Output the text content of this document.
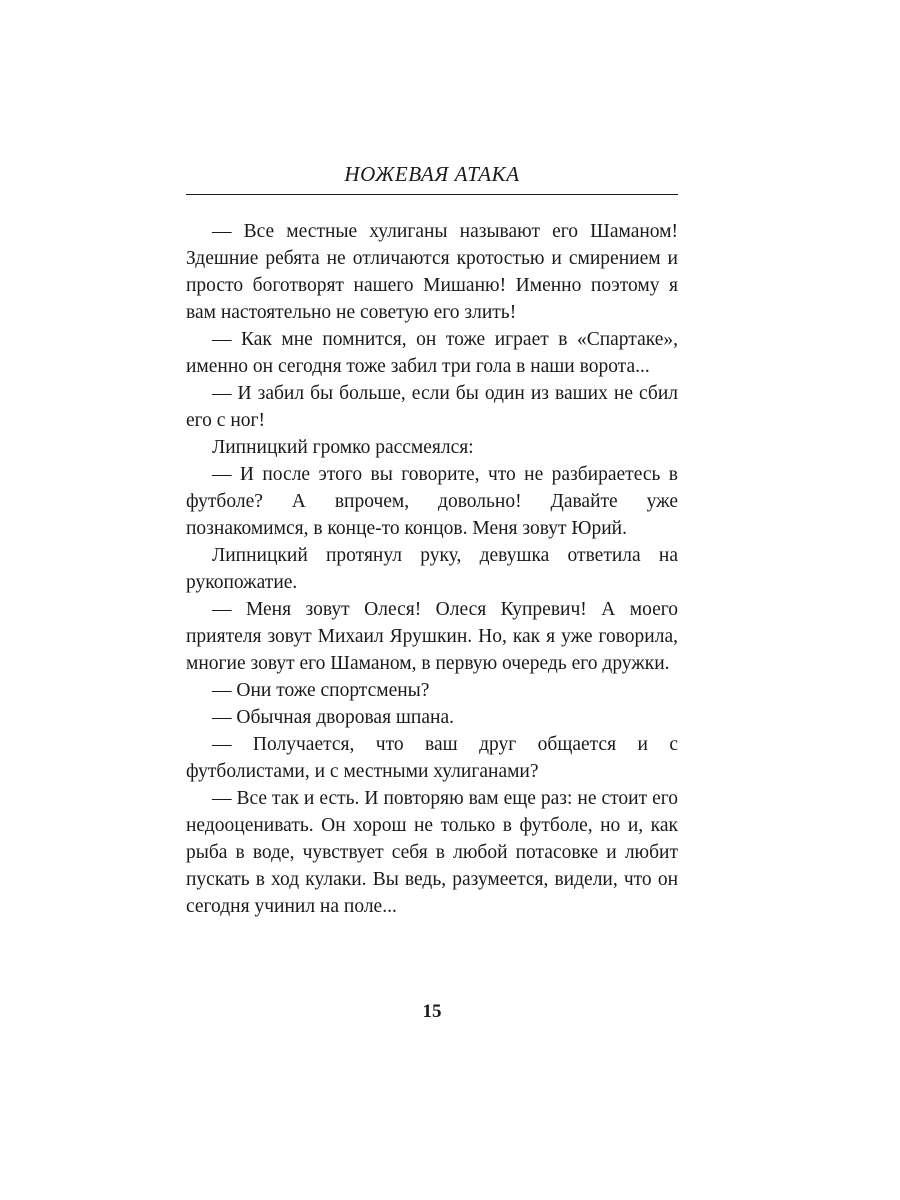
НОЖЕВАЯ АТАКА

— Все местные хулиганы называют его Шаманом! Здешние ребята не отличаются кротостью и смирением и просто боготворят нашего Мишаню! Именно поэтому я вам настоятельно не советую его злить!

— Как мне помнится, он тоже играет в «Спартаке», именно он сегодня тоже забил три гола в наши ворота...

— И забил бы больше, если бы один из ваших не сбил его с ног!

Липницкий громко рассмеялся:

— И после этого вы говорите, что не разбираетесь в футболе? А впрочем, довольно! Давайте уже познакомимся, в конце-то концов. Меня зовут Юрий.

Липницкий протянул руку, девушка ответила на рукопожатие.

— Меня зовут Олеся! Олеся Купревич! А моего приятеля зовут Михаил Ярушкин. Но, как я уже говорила, многие зовут его Шаманом, в первую очередь его дружки.

— Они тоже спортсмены?

— Обычная дворовая шпана.

— Получается, что ваш друг общается и с футболистами, и с местными хулиганами?

— Все так и есть. И повторяю вам еще раз: не стоит его недооценивать. Он хорош не только в футболе, но и, как рыба в воде, чувствует себя в любой потасовке и любит пускать в ход кулаки. Вы ведь, разумеется, видели, что он сегодня учинил на поле...

15
